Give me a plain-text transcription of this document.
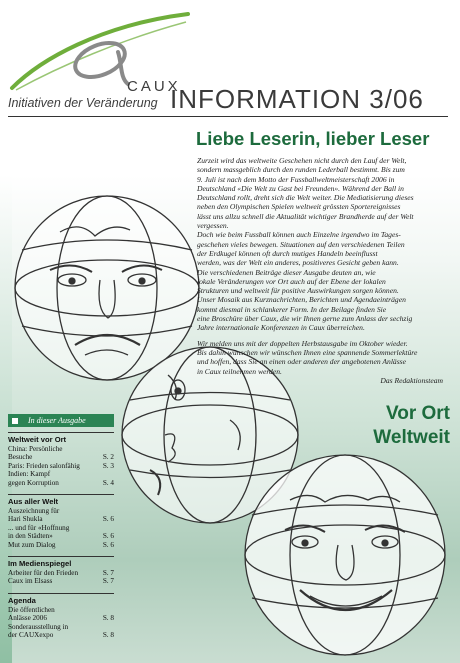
CAUX
Initiativen der Veränderung INFORMATION 3/06
Liebe Leserin, lieber Leser
Zurzeit wird das weltweite Geschehen nicht durch den Lauf der Welt,
sondern massgeblich durch den runden Lederball bestimmt. Bis zum
9. Juli ist nach dem Motto der Fussballweltmeisterschaft 2006 in
Deutschland «Die Welt zu Gast bei Freunden». Während der Ball in
Deutschland rollt, dreht sich die Welt weiter. Die Mediatisierung dieses
neben den Olympischen Spielen weltweit grössten Sportereignisses
lässt uns allzu schnell die Aktualität wichtiger Brandherde auf der Welt
vergessen.
Doch wie beim Fussball können auch Einzelne irgendwo im Tages-
geschehen vieles bewegen. Situationen auf den verschiedenen Teilen
der Erdkugel können oft durch mutiges Handeln beeinflusst
werden, was der Welt ein anderes, positiveres Gesicht geben kann.
Die verschiedenen Beiträge dieser Ausgabe deuten an, wie
lokale Veränderungen vor Ort auch auf der Ebene der lokalen
Strukturen und weltweit für positive Auswirkungen sorgen können.
Unser Mosaik aus Kurznachrichten, Berichten und Agendaeinträgen
kommt diesmal in schlankerer Form. In der Beilage finden Sie
eine Broschüre über Caux, die wir Ihnen gerne zum Anlass der sechzig
Jahre internationale Konferenzen in Caux überreichen.
Wir melden uns mit der doppelten Herbstausgabe im Oktober wieder.
Bis dahin wünschen wir wünschen Ihnen eine spannende Sommerlektüre
und hoffen, dass Sie an einen oder anderen der angebotenen Anlässe
in Caux teilnehmen werden.
Das Redaktionsteam
Vor Ort
Weltweit
In dieser Ausgabe
Weltweit vor Ort
China: Persönliche
Besuche	S. 2
Paris: Frieden salonfähig	S. 3
Indien: Kampf
gegen Korruption	S. 4
Aus aller Welt
Auszeichnung für
Hari Shukla	S. 6
... und für «Hoffnung
in den Städten»	S. 6
Mut zum Dialog	S. 6
Im Medienspiegel
Arbeiter für den Frieden	S. 7
Caux im Elsass	S. 7
Agenda
Die öffentlichen
Anlässe 2006	S. 8
Sonderausstellung in
der CAUXexpo	S. 8
